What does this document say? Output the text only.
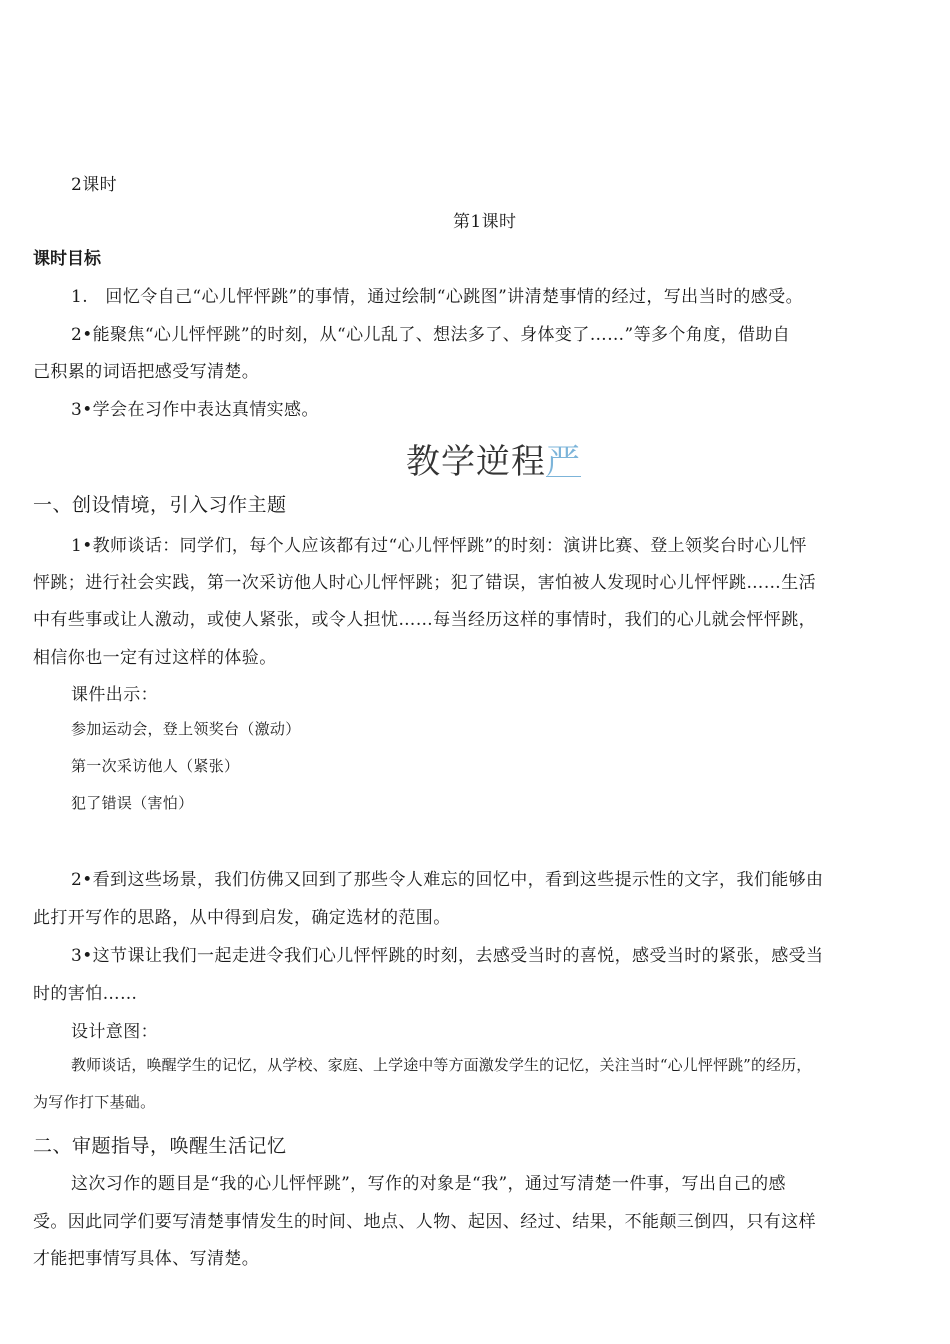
2课时

第1课时

课时目标

1.　回忆令自己“心儿怦怦跳”的事情，通过绘制“心跳图”讲清楚事情的经过，写出当时的感受。

2•能聚焦“心儿怦怦跳”的时刻，从“心儿乱了、想法多了、身体变了……”等多个角度，借助自

己积累的词语把感受写清楚。

3•学会在习作中表达真情实感。

教学逆程严

一、创设情境，引入习作主题

1•教师谈话：同学们，每个人应该都有过“心儿怦怦跳”的时刻：演讲比赛、登上领奖台时心儿怦

怦跳；进行社会实践，第一次采访他人时心儿怦怦跳；犯了错误，害怕被人发现时心儿怦怦跳……生活

中有些事或让人激动，或使人紧张，或令人担忧……每当经历这样的事情时，我们的心儿就会怦怦跳，

相信你也一定有过这样的体验。

课件出示：

参加运动会，登上领奖台（激动）

第一次采访他人（紧张）

犯了错误（害怕）

2•看到这些场景，我们仿佛又回到了那些令人难忘的回忆中，看到这些提示性的文字，我们能够由

此打开写作的思路，从中得到启发，确定选材的范围。

3•这节课让我们一起走进令我们心儿怦怦跳的时刻，去感受当时的喜悦，感受当时的紧张，感受当

时的害怕……

设计意图：

教师谈话，唤醒学生的记忆，从学校、家庭、上学途中等方面激发学生的记忆，关注当时“心儿怦怦跳”的经历，

为写作打下基础。

二、审题指导，唤醒生活记忆

这次习作的题目是“我的心儿怦怦跳”，写作的对象是“我”，通过写清楚一件事，写出自己的感

受。因此同学们要写清楚事情发生的时间、地点、人物、起因、经过、结果，不能颠三倒四，只有这样

才能把事情写具体、写清楚。
